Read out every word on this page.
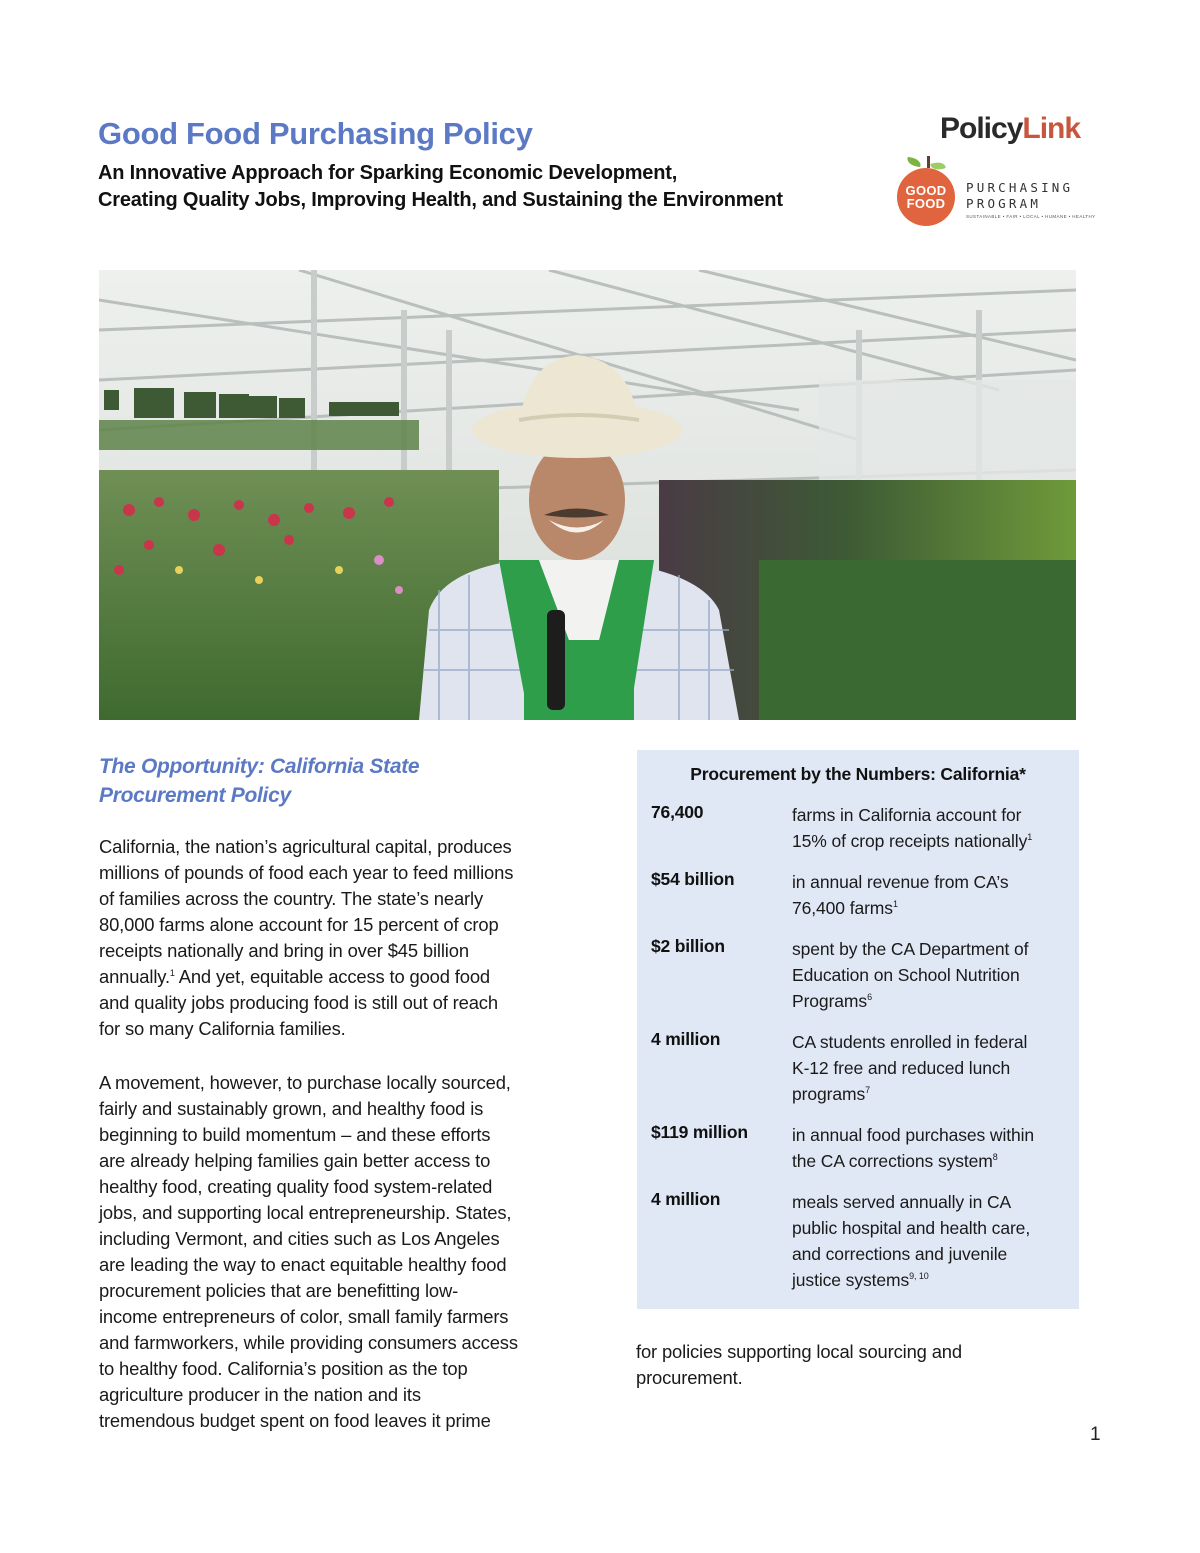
Good Food Purchasing Policy
An Innovative Approach for Sparking Economic Development,
Creating Quality Jobs, Improving Health, and Sustaining the Environment
PolicyLink
GOOD
FOOD
PURCHASING
PROGRAM
SUSTAINABLE • FAIR • LOCAL • HUMANE • HEALTHY
The Opportunity: California State
Procurement Policy
California, the nation’s agricultural capital, produces
millions of pounds of food each year to feed millions
of families across the country. The state’s nearly
80,000 farms alone account for 15 percent of crop
receipts nationally and bring in over $45 billion
annually.$^1$ And yet, equitable access to good food
and quality jobs producing food is still out of reach
for so many California families.
A movement, however, to purchase locally sourced,
fairly and sustainably grown, and healthy food is
beginning to build momentum – and these efforts
are already helping families gain better access to
healthy food, creating quality food system-related
jobs, and supporting local entrepreneurship. States,
including Vermont, and cities such as Los Angeles
are leading the way to enact equitable healthy food
procurement policies that are benefitting low-
income entrepreneurs of color, small family farmers
and farmworkers, while providing consumers access
to healthy food. California’s position as the top
agriculture producer in the nation and its
tremendous budget spent on food leaves it prime
Procurement by the Numbers: California*
76,400	farms in California account for
15% of crop receipts nationally$^1$
$54 billion	in annual revenue from CA’s
76,400 farms$^1$
$2 billion	spent by the CA Department of
Education on School Nutrition
Programs$^6$
4 million	CA students enrolled in federal
K-12 free and reduced lunch
programs$^7$
$119 million	in annual food purchases within
the CA corrections system$^8$
4 million	meals served annually in CA
public hospital and health care,
and corrections and juvenile
justice systems$^{9, 10}$
for policies supporting local sourcing and
procurement.
1
